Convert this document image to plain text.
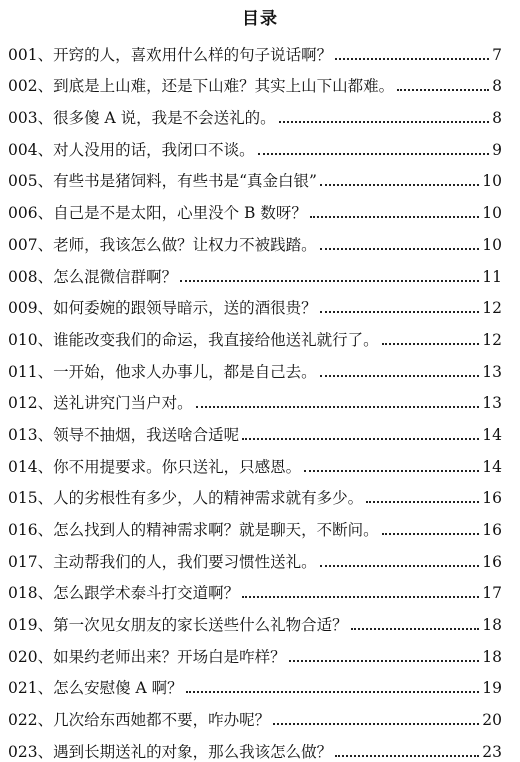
目录
001 、 开窍的人，喜欢用什么样的句子说话啊？	7
002 、 到底是上山难，还是下山难？其实上山下山都难。	8
003 、 很多傻 A 说，我是不会送礼的。	8
004 、 对人没用的话，我闭口不谈。	9
005 、 有些书是猪饲料，有些书是“真金白银”	10
006 、 自己是不是太阳，心里没个 B 数呀？	10
007 、 老师，我该怎么做？让权力不被践踏。	10
008 、 怎么混微信群啊？	11
009 、 如何委婉的跟领导暗示，送的酒很贵？	12
010 、 谁能改变我们的命运，我直接给他送礼就行了。	12
011 、 一开始，他求人办事儿，都是自己去。	13
012 、 送礼讲究门当户对。	13
013 、 领导不抽烟，我送啥合适呢	14
014 、 你不用提要求。你只送礼，只感恩。	14
015 、 人的劣根性有多少，人的精神需求就有多少。	16
016 、 怎么找到人的精神需求啊？就是聊天，不断问。	16
017 、 主动帮我们的人，我们要习惯性送礼。	16
018 、 怎么跟学术泰斗打交道啊？	17
019 、 第一次见女朋友的家长送些什么礼物合适？	18
020 、 如果约老师出来？开场白是咋样？	18
021 、 怎么安慰傻 A 啊？	19
022 、 几次给东西她都不要，咋办呢？	20
023 、 遇到长期送礼的对象，那么我该怎么做？	23
